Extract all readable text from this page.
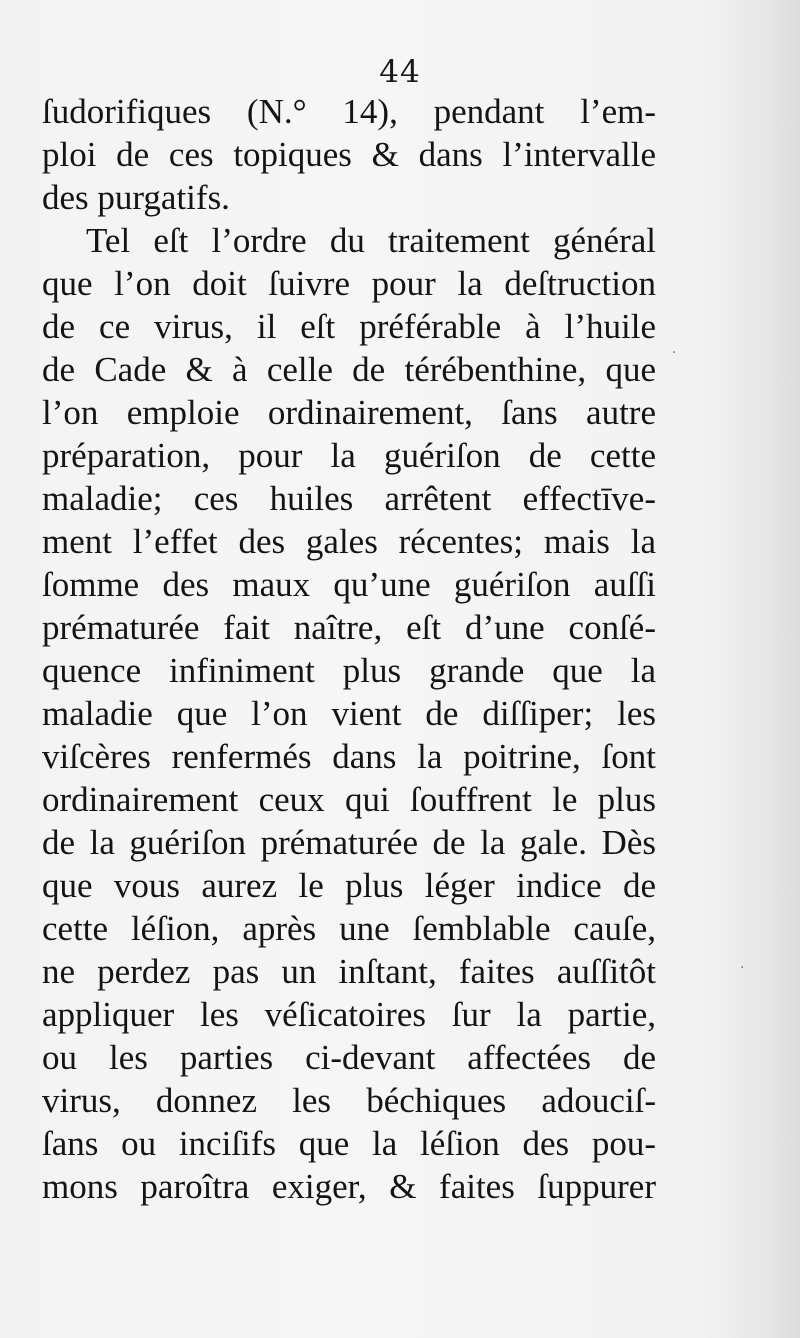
44
ſudorifiques (N.° 14), pendant l’em-
ploi de ces topiques & dans l’intervalle
des purgatifs.
Tel eſt l’ordre du traitement général
que l’on doit ſuivre pour la deſtruction
de ce virus, il eſt préférable à l’huile
de Cade & à celle de térébenthine, que
l’on emploie ordinairement, ſans autre
préparation, pour la guériſon de cette
maladie; ces huiles arrêtent effectīve-
ment l’effet des gales récentes; mais la
ſomme des maux qu’une guériſon auſſi
prématurée fait naître, eſt d’une conſé-
quence infiniment plus grande que la
maladie que l’on vient de diſſiper; les
viſcères renfermés dans la poitrine, ſont
ordinairement ceux qui ſouffrent le plus
de la guériſon prématurée de la gale. Dès
que vous aurez le plus léger indice de
cette léſion, après une ſemblable cauſe,
ne perdez pas un inſtant, faites auſſitôt
appliquer les véſicatoires ſur la partie,
ou les parties ci-devant affectées de
virus, donnez les béchiques adouciſ-
ſans ou inciſifs que la léſion des pou-
mons paroîtra exiger, & faites ſuppurer
·
·
